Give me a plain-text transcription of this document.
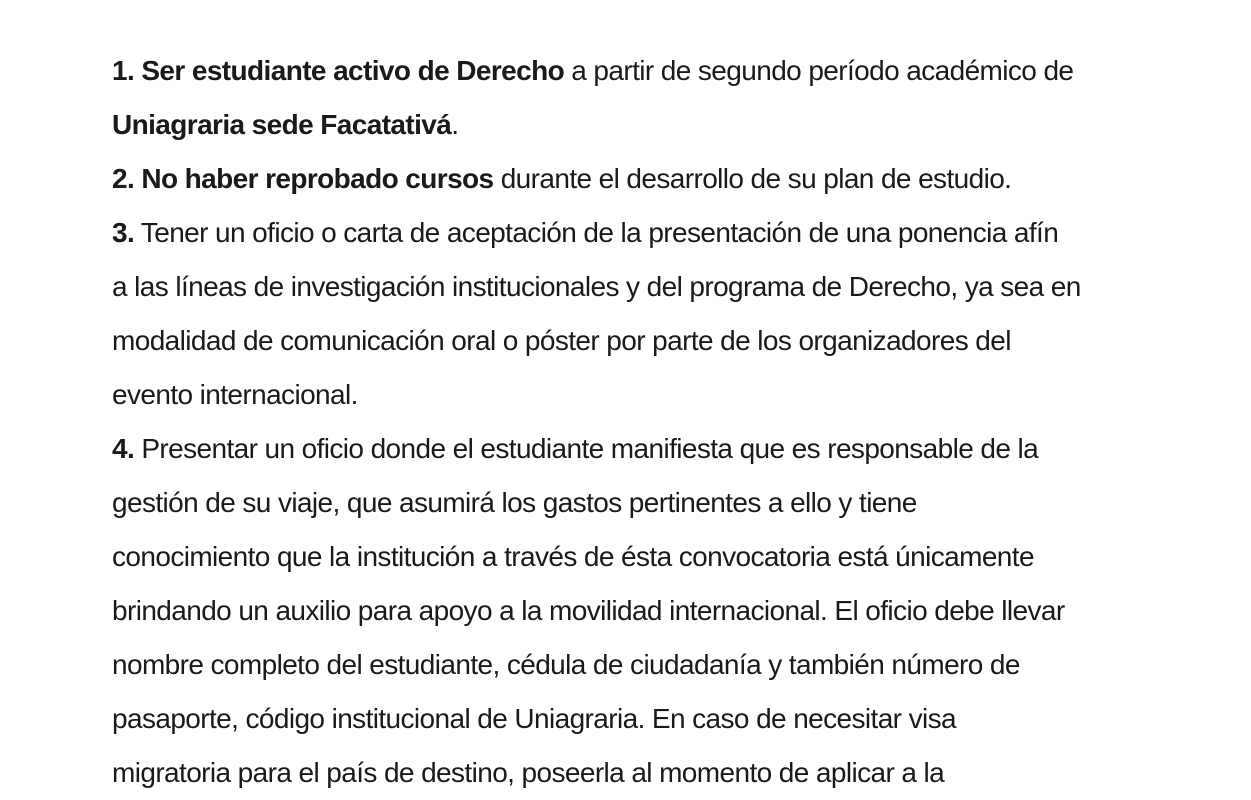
1. Ser estudiante activo de Derecho a partir de segundo período académico de

Uniagraria sede Facatativá.

2. No haber reprobado cursos durante el desarrollo de su plan de estudio.

3. Tener un oficio o carta de aceptación de la presentación de una ponencia afín

a las líneas de investigación institucionales y del programa de Derecho, ya sea en

modalidad de comunicación oral o póster por parte de los organizadores del

evento internacional.

4. Presentar un oficio donde el estudiante manifiesta que es responsable de la

gestión de su viaje, que asumirá los gastos pertinentes a ello y tiene

conocimiento que la institución a través de ésta convocatoria está únicamente

brindando un auxilio para apoyo a la movilidad internacional. El oficio debe llevar

nombre completo del estudiante, cédula de ciudadanía y también número de

pasaporte, código institucional de Uniagraria. En caso de necesitar visa

migratoria para el país de destino, poseerla al momento de aplicar a la
